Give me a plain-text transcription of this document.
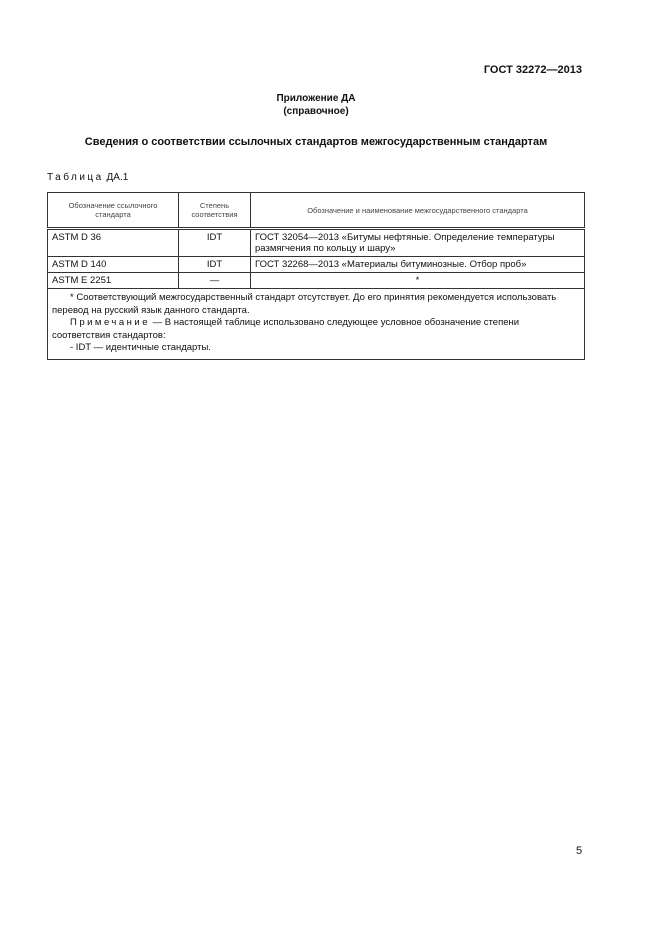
ГОСТ 32272—2013
Приложение ДА
(справочное)
Сведения о соответствии ссылочных стандартов межгосударственным стандартам
Таблица ДА.1
Обозначение ссылочного стандарта	Степень соответствия	Обозначение и наименование межгосударственного стандарта
ASTM D 36	IDT	ГОСТ 32054—2013 «Битумы нефтяные. Определение температуры размягчения по кольцу и шару»
ASTM D 140	IDT	ГОСТ 32268—2013 «Материалы битуминозные. Отбор проб»
ASTM E 2251	—	*

* Соответствующий межгосударственный стандарт отсутствует. До его принятия рекомендуется использовать перевод на русский язык данного стандарта.
Примечание — В настоящей таблице использовано следующее условное обозначение степени соответствия стандартов:
- IDT — идентичные стандарты.		
5
